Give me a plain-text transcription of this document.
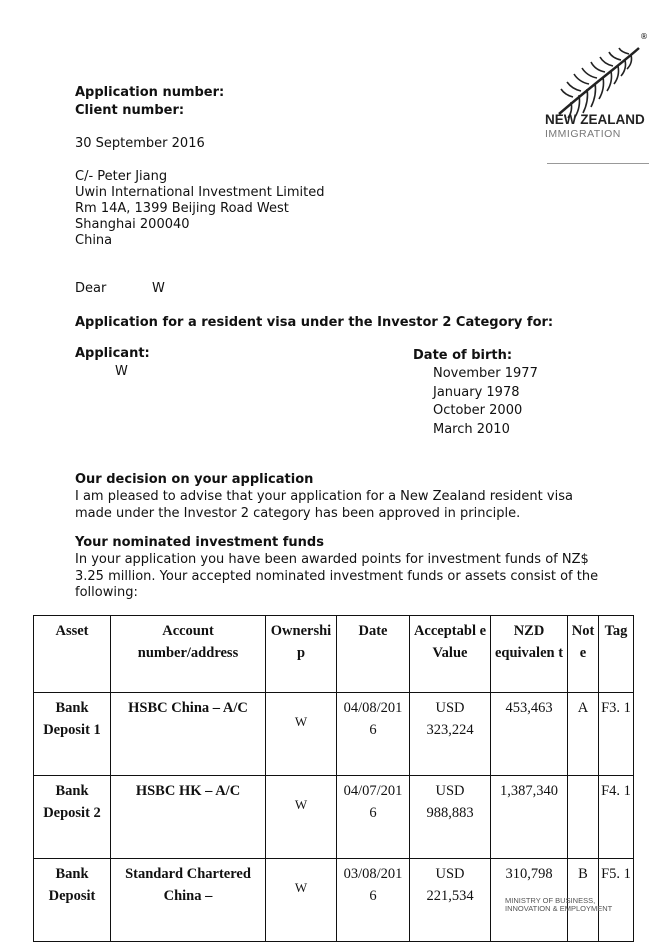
®
NEW ZEALAND
IMMIGRATION
Application number:
Client number:
30 September 2016
C/- Peter Jiang
Uwin International Investment Limited
Rm 14A, 1399 Beijing Road West
Shanghai 200040
China
Dear	W
Application for a resident visa under the Investor 2 Category for:
Applicant:
W
Date of birth:
November 1977
January 1978
October 2000
March 2010
Our decision on your application
I am pleased to advise that your application for a New Zealand resident visa
made under the Investor 2 category has been approved in principle.
Your nominated investment funds
In your application you have been awarded points for investment funds of NZ$
3.25 million. Your accepted nominated investment funds or assets consist of the
following:
Asset	Account number/address	Ownershi p	Date	Acceptabl e Value	NZD equivalen t	Not e	Tag
Bank Deposit 1	HSBC China – A/C	W	04/08/201 6	USD 323,224	453,463	A	F3. 1
Bank Deposit 2	HSBC HK – A/C	W	04/07/201 6	USD 988,883	1,387,340		F4. 1
Bank Deposit	Standard Chartered China –	W	03/08/201 6	USD 221,534	310,798	B	F5. 1
MINISTRY OF BUSINESS,
INNOVATION & EMPLOYMENT
